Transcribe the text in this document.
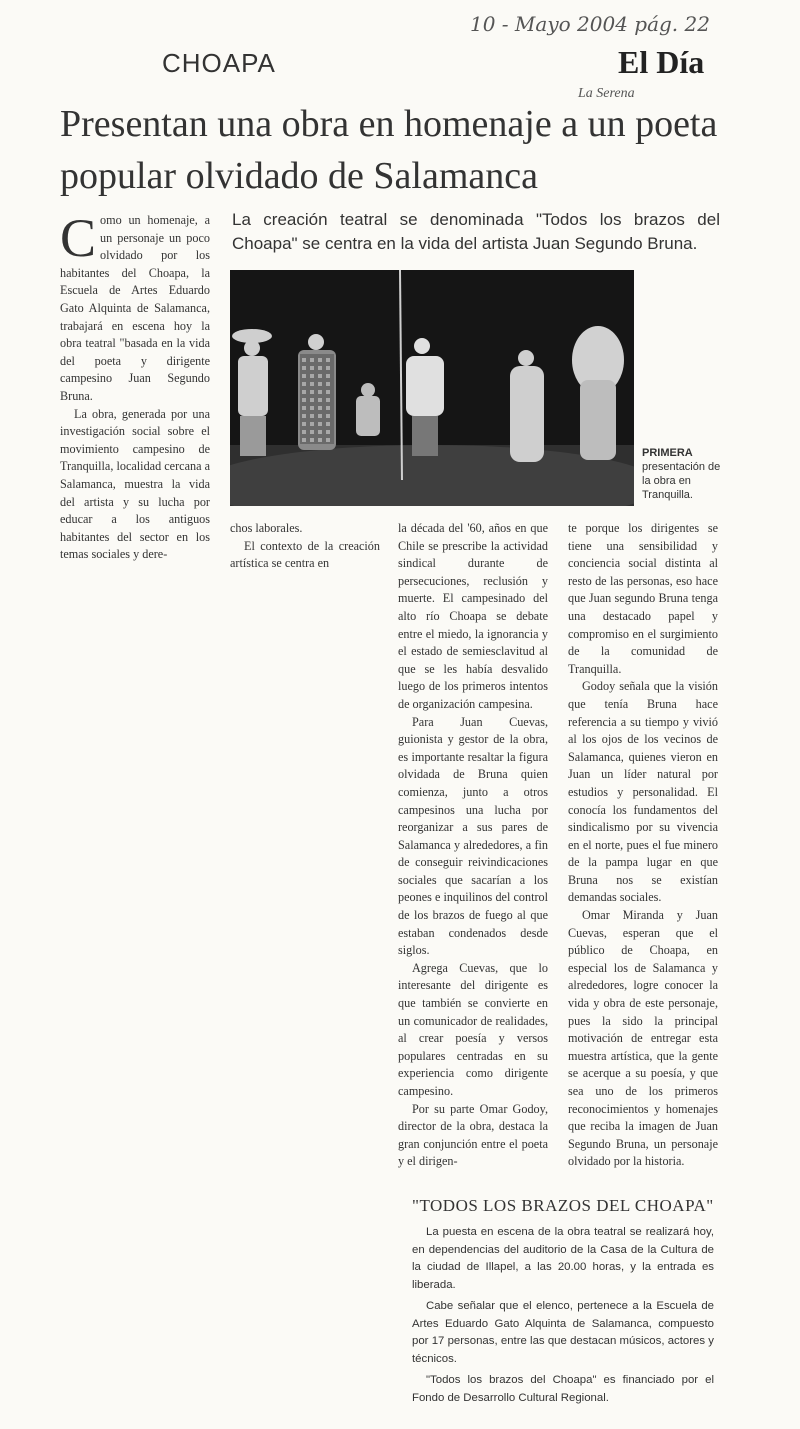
10 - Mayo 2004 pág. 22
CHOAPA	El Día
La Serena
Presentan una obra en homenaje a un poeta popular olvidado de Salamanca
La creación teatral se denominada "Todos los brazos del Choapa" se centra en la vida del artista Juan Segundo Bruna.
C omo un homenaje, a un personaje un poco olvidado por los habitantes del Choapa, la Escuela de Artes Eduardo Gato Alquinta de Salamanca, trabajará en escena hoy la obra teatral "basada en la vida del poeta y dirigente campesino Juan Segundo Bruna.

La obra, generada por una investigación social sobre el movimiento campesino de Tranquilla, localidad cercana a Salamanca, muestra la vida del artista y su lucha por educar a los antiguos habitantes del sector en los temas sociales y dere-

PRIMERA
presentación de la obra en Tranquilla.

chos laborales.

El contexto de la creación artística se centra en

la década del '60, años en que Chile se prescribe la actividad sindical durante de persecuciones, reclusión y muerte. El campesinado del alto río Choapa se debate entre el miedo, la ignorancia y el estado de semiesclavitud al que se les había desvalido luego de los primeros intentos de organización campesina.

Para Juan Cuevas, guionista y gestor de la obra, es importante resaltar la figura olvidada de Bruna quien comienza, junto a otros campesinos una lucha por reorganizar a sus pares de Salamanca y alrededores, a fin de conseguir reivindicaciones sociales que sacarían a los peones e inquilinos del control de los brazos de fuego al que estaban condenados desde siglos.

Agrega Cuevas, que lo interesante del dirigente es que también se convierte en un comunicador de realidades, al crear poesía y versos populares centradas en su experiencia como dirigente campesino.

Por su parte Omar Godoy, director de la obra, destaca la gran conjunción entre el poeta y el dirigen-

te porque los dirigentes se tiene una sensibilidad y conciencia social distinta al resto de las personas, eso hace que Juan segundo Bruna tenga una destacado papel y compromiso en el surgimiento de la comunidad de Tranquilla.

Godoy señala que la visión que tenía Bruna hace referencia a su tiempo y vivió al los ojos de los vecinos de Salamanca, quienes vieron en Juan un líder natural por estudios y personalidad. El conocía los fundamentos del sindicalismo por su vivencia en el norte, pues el fue minero de la pampa lugar en que Bruna nos se existían demandas sociales.

Omar Miranda y Juan Cuevas, esperan que el público de Choapa, en especial los de Salamanca y alrededores, logre conocer la vida y obra de este personaje, pues la sido la principal motivación de entregar esta muestra artística, que la gente se acerque a su poesía, y que sea uno de los primeros reconocimientos y homenajes que reciba la imagen de Juan Segundo Bruna, un personaje olvidado por la historia.

"TODOS LOS BRAZOS DEL CHOAPA"

La puesta en escena de la obra teatral se realizará hoy, en dependencias del auditorio de la Casa de la Cultura de la ciudad de Illapel, a las 20.00 horas, y la entrada es liberada.

Cabe señalar que el elenco, pertenece a la Escuela de Artes Eduardo Gato Alquinta de Salamanca, compuesto por 17 personas, entre las que destacan músicos, actores y técnicos.

"Todos los brazos del Choapa" es financiado por el Fondo de Desarrollo Cultural Regional.
